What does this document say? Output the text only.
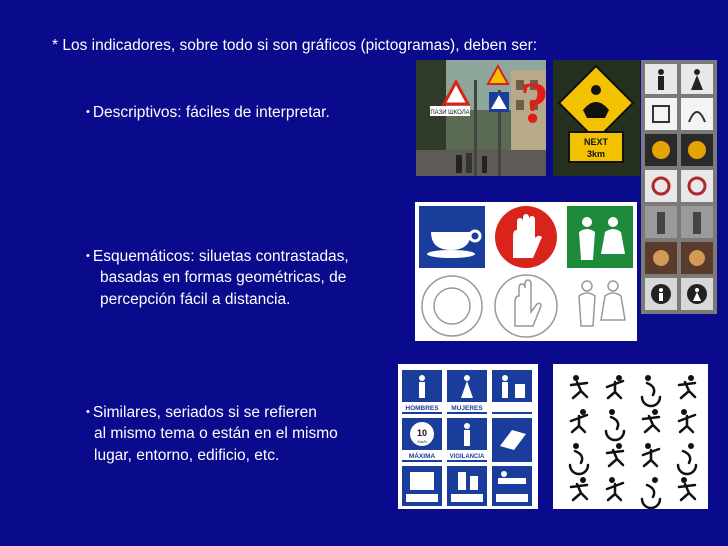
* Los indicadores, sobre todo si son gráficos (pictogramas), deben ser:
• Descriptivos: fáciles de interpretar.
• Esquemáticos: siluetas contrastadas,
basadas en formas geométricas, de
percepción fácil a distancia.
• Similares, seriados si se refieren
al mismo tema o están en el mismo
lugar, entorno, edificio, etc.
ПАЗИ ШКОЛА ?
NEXT
3km
HOMBRES MUJERES
10
Km/h
MÁXIMA VIGILANCIA
